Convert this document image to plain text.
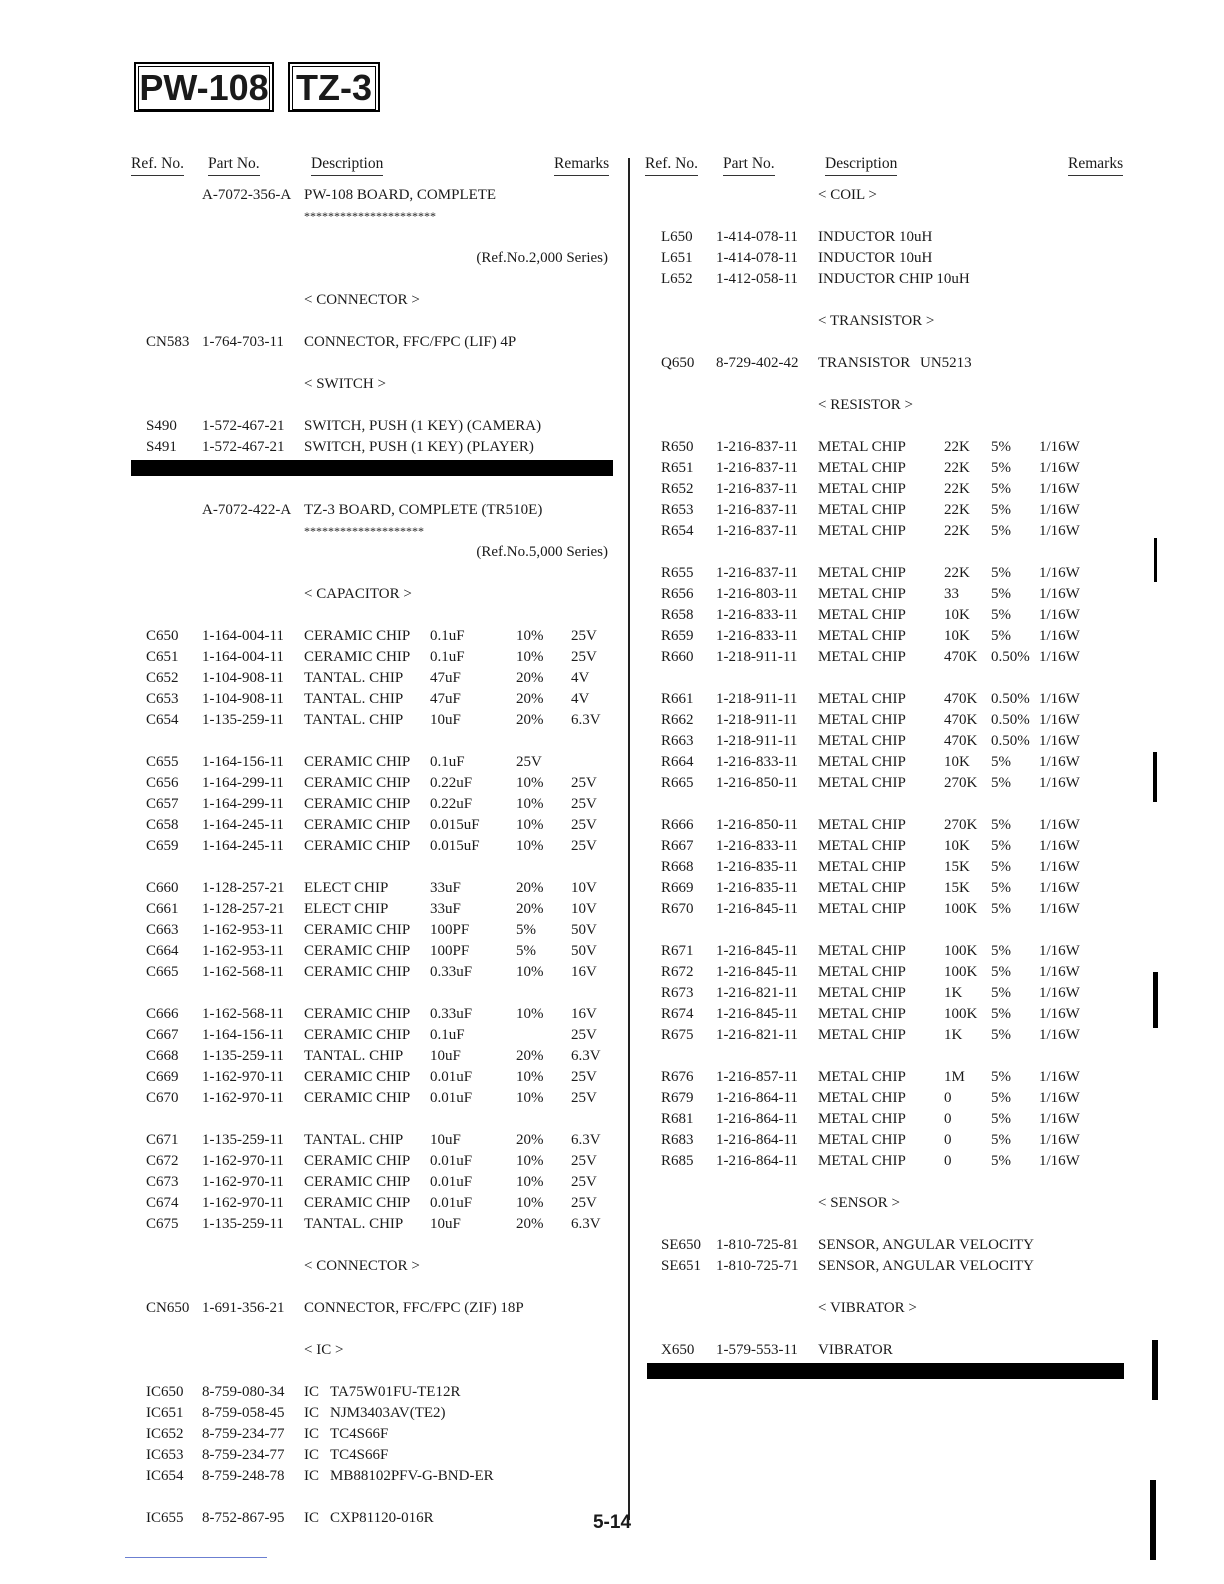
PW-108 TZ-3
Ref. No. Part No.	Description	Remarks
A-7072-356-A PW-108 BOARD, COMPLETE
**********************
(Ref.No.2,000 Series)
< CONNECTOR >
CN583 1-764-703-11 CONNECTOR, FFC/FPC (LIF) 4P
< SWITCH >
S490 1-572-467-21 SWITCH, PUSH (1 KEY) (CAMERA)
S491 1-572-467-21 SWITCH, PUSH (1 KEY) (PLAYER)
A-7072-422-A TZ-3 BOARD, COMPLETE (TR510E)
********************
(Ref.No.5,000 Series)
< CAPACITOR >
C650 1-164-004-11 CERAMIC CHIP 0.1uF	10% 25V
C651 1-164-004-11 CERAMIC CHIP 0.1uF	10% 25V
C652 1-104-908-11 TANTAL. CHIP 47uF	20% 4V
C653 1-104-908-11 TANTAL. CHIP 47uF	20% 4V
C654 1-135-259-11 TANTAL. CHIP 10uF	20% 6.3V
C655 1-164-156-11 CERAMIC CHIP 0.1uF	25V
C656 1-164-299-11 CERAMIC CHIP 0.22uF	10% 25V
C657 1-164-299-11 CERAMIC CHIP 0.22uF	10% 25V
C658 1-164-245-11 CERAMIC CHIP 0.015uF 10% 25V
C659 1-164-245-11 CERAMIC CHIP 0.015uF 10% 25V
C660 1-128-257-21 ELECT CHIP	33uF	20% 10V
C661 1-128-257-21 ELECT CHIP	33uF	20% 10V
C663 1-162-953-11 CERAMIC CHIP 100PF	5% 50V
C664 1-162-953-11 CERAMIC CHIP 100PF	5% 50V
C665 1-162-568-11 CERAMIC CHIP 0.33uF	10% 16V
C666 1-162-568-11 CERAMIC CHIP 0.33uF	10% 16V
C667 1-164-156-11 CERAMIC CHIP 0.1uF	25V
C668 1-135-259-11 TANTAL. CHIP 10uF	20% 6.3V
C669 1-162-970-11 CERAMIC CHIP 0.01uF	10% 25V
C670 1-162-970-11 CERAMIC CHIP 0.01uF	10% 25V
C671 1-135-259-11 TANTAL. CHIP 10uF	20% 6.3V
C672 1-162-970-11 CERAMIC CHIP 0.01uF	10% 25V
C673 1-162-970-11 CERAMIC CHIP 0.01uF	10% 25V
C674 1-162-970-11 CERAMIC CHIP 0.01uF	10% 25V
C675 1-135-259-11 TANTAL. CHIP 10uF	20% 6.3V
< CONNECTOR >
CN650 1-691-356-21 CONNECTOR, FFC/FPC (ZIF) 18P
< IC >
IC650 8-759-080-34 IC TA75W01FU-TE12R
IC651 8-759-058-45 IC NJM3403AV(TE2)
IC652 8-759-234-77 IC TC4S66F
IC653 8-759-234-77 IC TC4S66F
IC654 8-759-248-78 IC MB88102PFV-G-BND-ER
IC655 8-752-867-95 IC CXP81120-016R
Ref. No. Part No.	Description	Remarks
< COIL >
L650 1-414-078-11 INDUCTOR 10uH
L651 1-414-078-11 INDUCTOR 10uH
L652 1-412-058-11 INDUCTOR CHIP 10uH
< TRANSISTOR >
Q650 8-729-402-42 TRANSISTOR UN5213
< RESISTOR >
R650 1-216-837-11 METAL CHIP	22K 5% 1/16W
R651 1-216-837-11 METAL CHIP	22K 5% 1/16W
R652 1-216-837-11 METAL CHIP	22K 5% 1/16W
R653 1-216-837-11 METAL CHIP	22K 5% 1/16W
R654 1-216-837-11 METAL CHIP	22K 5% 1/16W
R655 1-216-837-11 METAL CHIP	22K 5% 1/16W
R656 1-216-803-11 METAL CHIP	33 5% 1/16W
R658 1-216-833-11 METAL CHIP	10K 5% 1/16W
R659 1-216-833-11 METAL CHIP	10K 5% 1/16W
R660 1-218-911-11 METAL CHIP	470K 0.50% 1/16W
R661 1-218-911-11 METAL CHIP	470K 0.50% 1/16W
R662 1-218-911-11 METAL CHIP	470K 0.50% 1/16W
R663 1-218-911-11 METAL CHIP	470K 0.50% 1/16W
R664 1-216-833-11 METAL CHIP	10K 5% 1/16W
R665 1-216-850-11 METAL CHIP	270K 5% 1/16W
R666 1-216-850-11 METAL CHIP	270K 5% 1/16W
R667 1-216-833-11 METAL CHIP	10K 5% 1/16W
R668 1-216-835-11 METAL CHIP	15K 5% 1/16W
R669 1-216-835-11 METAL CHIP	15K 5% 1/16W
R670 1-216-845-11 METAL CHIP	100K 5% 1/16W
R671 1-216-845-11 METAL CHIP	100K 5% 1/16W
R672 1-216-845-11 METAL CHIP	100K 5% 1/16W
R673 1-216-821-11 METAL CHIP	1K 5% 1/16W
R674 1-216-845-11 METAL CHIP	100K 5% 1/16W
R675 1-216-821-11 METAL CHIP	1K 5% 1/16W
R676 1-216-857-11 METAL CHIP	1M 5% 1/16W
R679 1-216-864-11 METAL CHIP	0	5% 1/16W
R681 1-216-864-11 METAL CHIP	0	5% 1/16W
R683 1-216-864-11 METAL CHIP	0	5% 1/16W
R685 1-216-864-11 METAL CHIP	0	5% 1/16W
< SENSOR >
SE650 1-810-725-81 SENSOR, ANGULAR VELOCITY
SE651 1-810-725-71 SENSOR, ANGULAR VELOCITY
< VIBRATOR >
X650 1-579-553-11 VIBRATOR
5-14
